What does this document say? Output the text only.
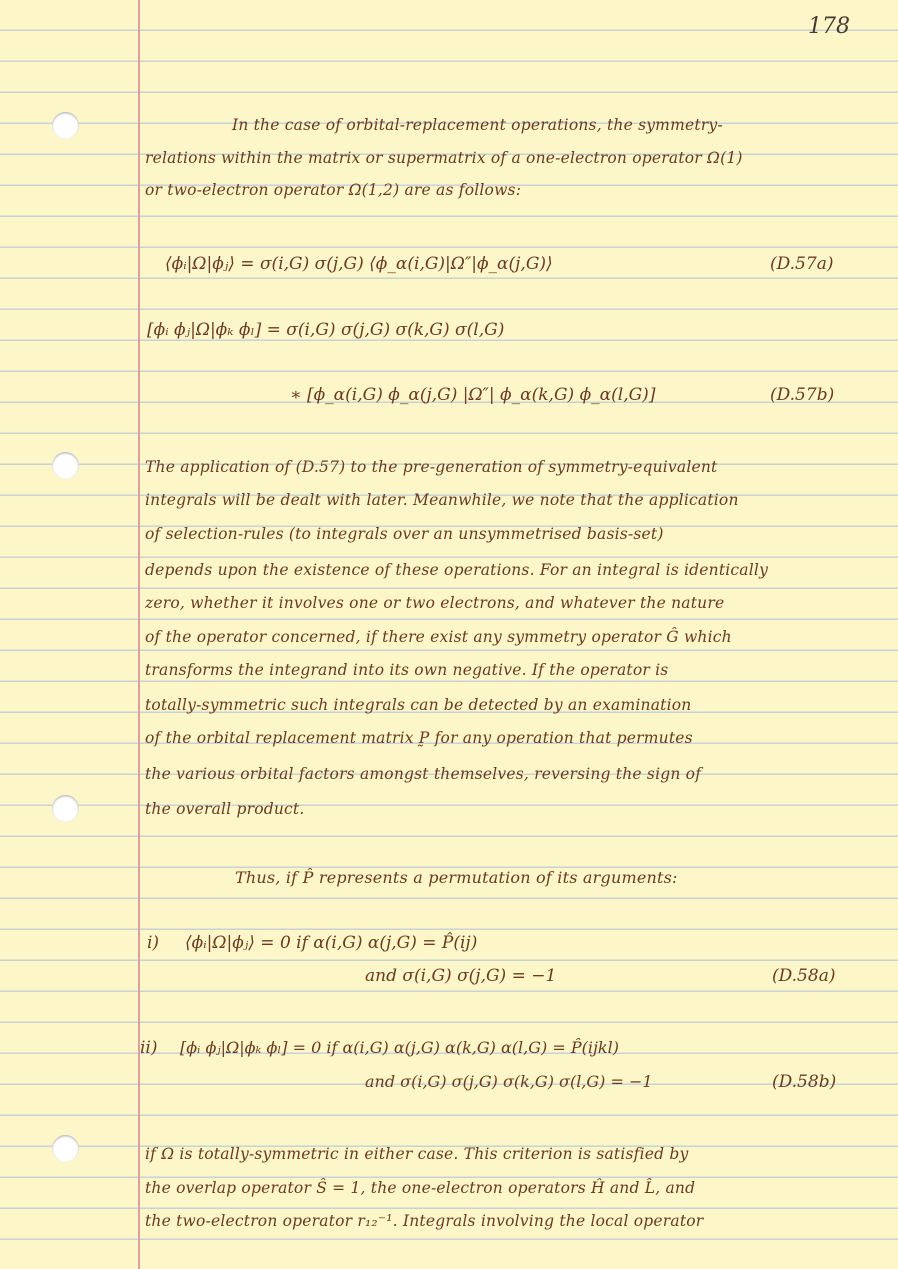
178
In the case of orbital-replacement operations, the symmetry-
relations within the matrix or supermatrix of a one-electron operator Ω(1)
or two-electron operator Ω(1,2) are as follows:
⟨ϕᵢ|Ω|ϕⱼ⟩ = σ(i,G) σ(j,G) ⟨ϕ_α(i,G)|Ω″|ϕ_α(j,G)⟩	(D.57a)
[ϕᵢ ϕⱼ|Ω|ϕₖ ϕₗ] = σ(i,G) σ(j,G) σ(k,G) σ(l,G)
∗ [ϕ_α(i,G) ϕ_α(j,G) |Ω″| ϕ_α(k,G) ϕ_α(l,G)]	(D.57b)
The application of (D.57) to the pre-generation of symmetry-equivalent
integrals will be dealt with later. Meanwhile, we note that the application
of selection-rules (to integrals over an unsymmetrised basis-set)
depends upon the existence of these operations. For an integral is identically
zero, whether it involves one or two electrons, and whatever the nature
of the operator concerned, if there exist any symmetry operator Ĝ which
transforms the integrand into its own negative. If the operator is
totally-symmetric such integrals can be detected by an examination
of the orbital replacement matrix P̰ for any operation that permutes
the various orbital factors amongst themselves, reversing the sign of
the overall product.
Thus, if P̂ represents a permutation of its arguments:
i) ⟨ϕᵢ|Ω|ϕⱼ⟩ = 0 if α(i,G) α(j,G) = P̂(ij)
and σ(i,G) σ(j,G) = −1	(D.58a)
ii) [ϕᵢ ϕⱼ|Ω|ϕₖ ϕₗ] = 0 if α(i,G) α(j,G) α(k,G) α(l,G) = P̂(ijkl)
and σ(i,G) σ(j,G) σ(k,G) σ(l,G) = −1	(D.58b)
if Ω is totally-symmetric in either case. This criterion is satisfied by
the overlap operator Ŝ = 1, the one-electron operators Ĥ and L̂, and
the two-electron operator r₁₂⁻¹. Integrals involving the local operator
